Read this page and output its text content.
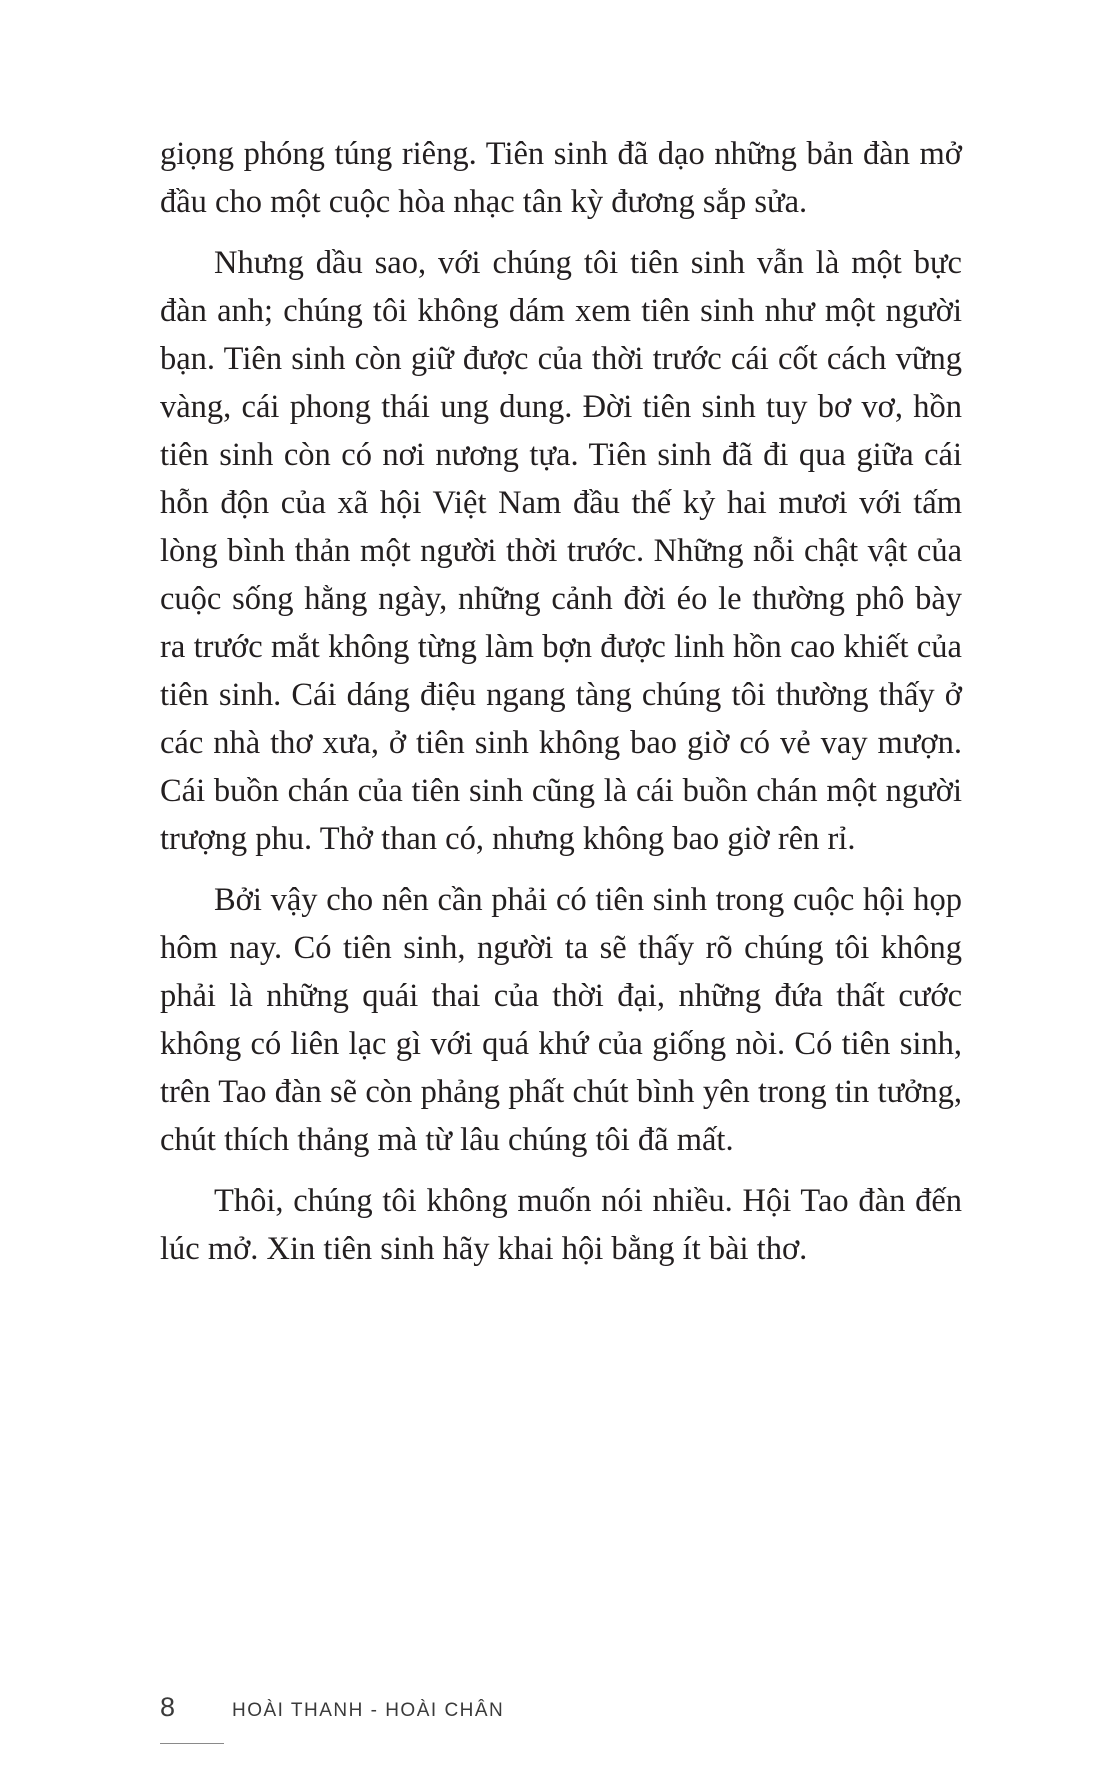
giọng phóng túng riêng. Tiên sinh đã dạo những bản đàn mở đầu cho một cuộc hòa nhạc tân kỳ đương sắp sửa.

Nhưng dầu sao, với chúng tôi tiên sinh vẫn là một bực đàn anh; chúng tôi không dám xem tiên sinh như một người bạn. Tiên sinh còn giữ được của thời trước cái cốt cách vững vàng, cái phong thái ung dung. Đời tiên sinh tuy bơ vơ, hồn tiên sinh còn có nơi nương tựa. Tiên sinh đã đi qua giữa cái hỗn độn của xã hội Việt Nam đầu thế kỷ hai mươi với tấm lòng bình thản một người thời trước. Những nỗi chật vật của cuộc sống hằng ngày, những cảnh đời éo le thường phô bày ra trước mắt không từng làm bợn được linh hồn cao khiết của tiên sinh. Cái dáng điệu ngang tàng chúng tôi thường thấy ở các nhà thơ xưa, ở tiên sinh không bao giờ có vẻ vay mượn. Cái buồn chán của tiên sinh cũng là cái buồn chán một người trượng phu. Thở than có, nhưng không bao giờ rên rỉ.

Bởi vậy cho nên cần phải có tiên sinh trong cuộc hội họp hôm nay. Có tiên sinh, người ta sẽ thấy rõ chúng tôi không phải là những quái thai của thời đại, những đứa thất cước không có liên lạc gì với quá khứ của giống nòi. Có tiên sinh, trên Tao đàn sẽ còn phảng phất chút bình yên trong tin tưởng, chút thích thảng mà từ lâu chúng tôi đã mất.

Thôi, chúng tôi không muốn nói nhiều. Hội Tao đàn đến lúc mở. Xin tiên sinh hãy khai hội bằng ít bài thơ.

8	HOÀI THANH - HOÀI CHÂN
